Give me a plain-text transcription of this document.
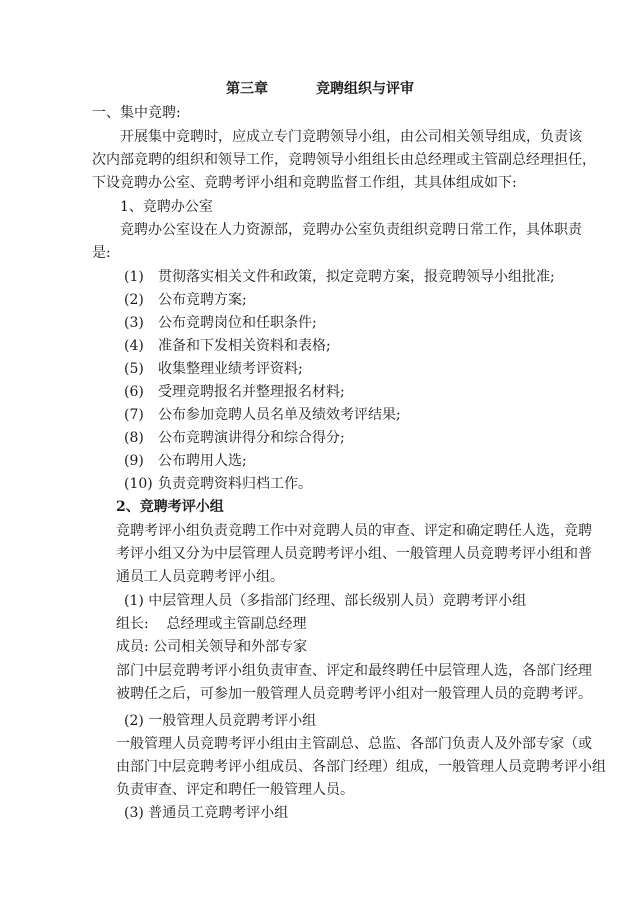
第三章	竞聘组织与评审
一、集中竞聘:
开展集中竞聘时，应成立专门竞聘领导小组，由公司相关领导组成，负责该
次内部竞聘的组织和领导工作，竞聘领导小组组长由总经理或主管副总经理担任，
下设竞聘办公室、竞聘考评小组和竞聘监督工作组，其具体组成如下:
1、竞聘办公室
竞聘办公室设在人力资源部，竞聘办公室负责组织竞聘日常工作，具体职责
是:
(1) 贯彻落实相关文件和政策，拟定竞聘方案，报竞聘领导小组批准;
(2) 公布竞聘方案;
(3) 公布竞聘岗位和任职条件;
(4) 准备和下发相关资料和表格;
(5) 收集整理业绩考评资料;
(6) 受理竞聘报名并整理报名材料;
(7) 公布参加竞聘人员名单及绩效考评结果;
(8) 公布竞聘演讲得分和综合得分;
(9) 公布聘用人选;
(10) 负责竞聘资料归档工作。
2、竞聘考评小组
竞聘考评小组负责竞聘工作中对竞聘人员的审查、评定和确定聘任人选，竞聘
考评小组又分为中层管理人员竞聘考评小组、一般管理人员竞聘考评小组和普
通员工人员竞聘考评小组。
(1) 中层管理人员（多指部门经理、部长级别人员）竞聘考评小组
组长:    总经理或主管副总经理
成员: 公司相关领导和外部专家
部门中层竞聘考评小组负责审查、评定和最终聘任中层管理人选，各部门经理
被聘任之后，可参加一般管理人员竞聘考评小组对一般管理人员的竞聘考评。
(2) 一般管理人员竞聘考评小组
一般管理人员竞聘考评小组由主管副总、总监、各部门负责人及外部专家（或
由部门中层竞聘考评小组成员、各部门经理）组成，一般管理人员竞聘考评小组
负责审查、评定和聘任一般管理人员。
(3) 普通员工竞聘考评小组
